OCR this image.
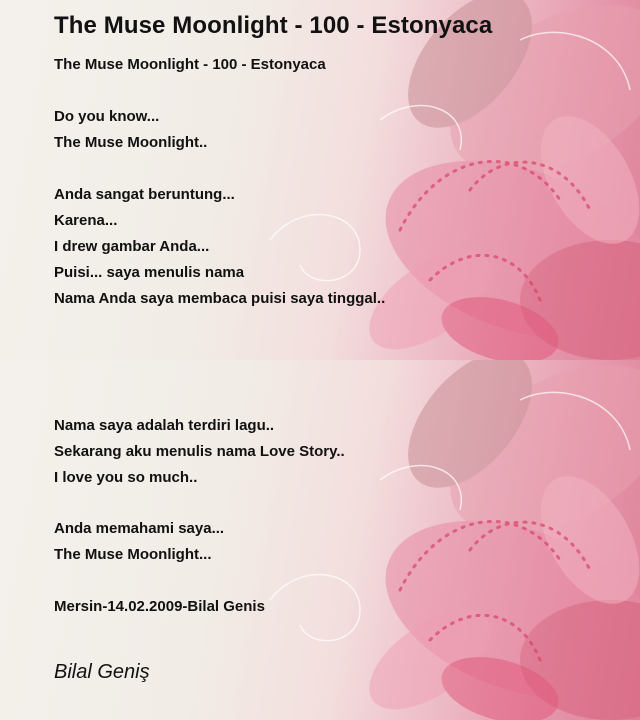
The Muse Moonlight - 100 - Estonyaca
The Muse Moonlight - 100 - Estonyaca
Do you know...
The Muse Moonlight..
Anda sangat beruntung...
Karena...
I drew gambar Anda...
Puisi... saya menulis nama
Nama Anda saya membaca puisi saya tinggal..
Nama saya adalah terdiri lagu..
Sekarang aku menulis nama Love Story..
I love you so much..
Anda memahami saya...
The Muse Moonlight...
Mersin-14.02.2009-Bilal Genis
Bilal Geniş
